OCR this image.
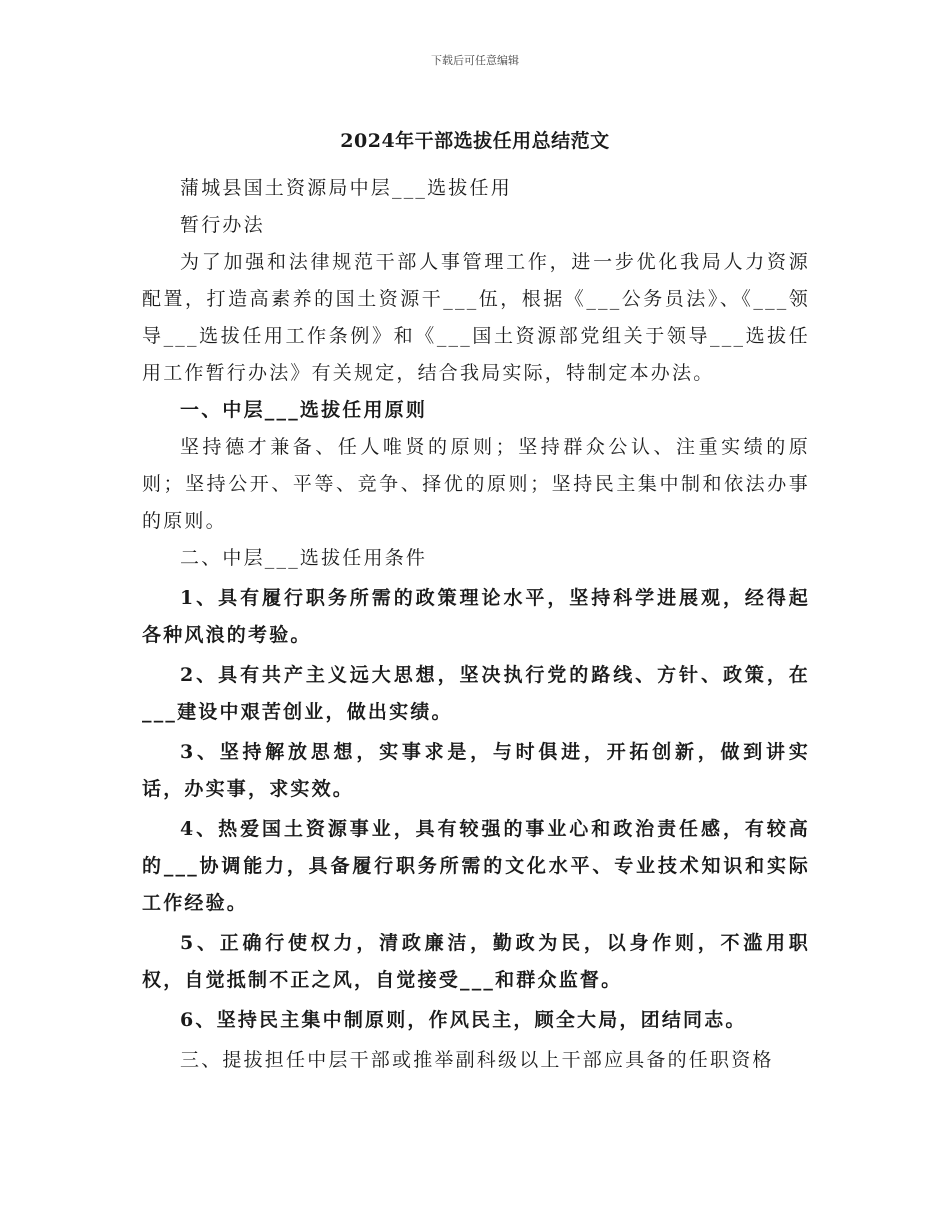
下载后可任意编辑
2024年干部选拔任用总结范文

蒲城县国土资源局中层___选拔任用

暂行办法

为了加强和法律规范干部人事管理工作，进一步优化我局人力资源配置，打造高素养的国土资源干___伍，根据《___公务员法》、《___领导___选拔任用工作条例》和《___国土资源部党组关于领导___选拔任用工作暂行办法》有关规定，结合我局实际，特制定本办法。

一、中层___选拔任用原则

坚持德才兼备、任人唯贤的原则；坚持群众公认、注重实绩的原则；坚持公开、平等、竞争、择优的原则；坚持民主集中制和依法办事的原则。

二、中层___选拔任用条件

1、具有履行职务所需的政策理论水平，坚持科学进展观，经得起各种风浪的考验。

2、具有共产主义远大思想，坚决执行党的路线、方针、政策，在___建设中艰苦创业，做出实绩。

3、坚持解放思想，实事求是，与时俱进，开拓创新，做到讲实话，办实事，求实效。

4、热爱国土资源事业，具有较强的事业心和政治责任感，有较高的___协调能力，具备履行职务所需的文化水平、专业技术知识和实际工作经验。

5、正确行使权力，清政廉洁，勤政为民，以身作则，不滥用职权，自觉抵制不正之风，自觉接受___和群众监督。

6、坚持民主集中制原则，作风民主，顾全大局，团结同志。

三、提拔担任中层干部或推举副科级以上干部应具备的任职资格
